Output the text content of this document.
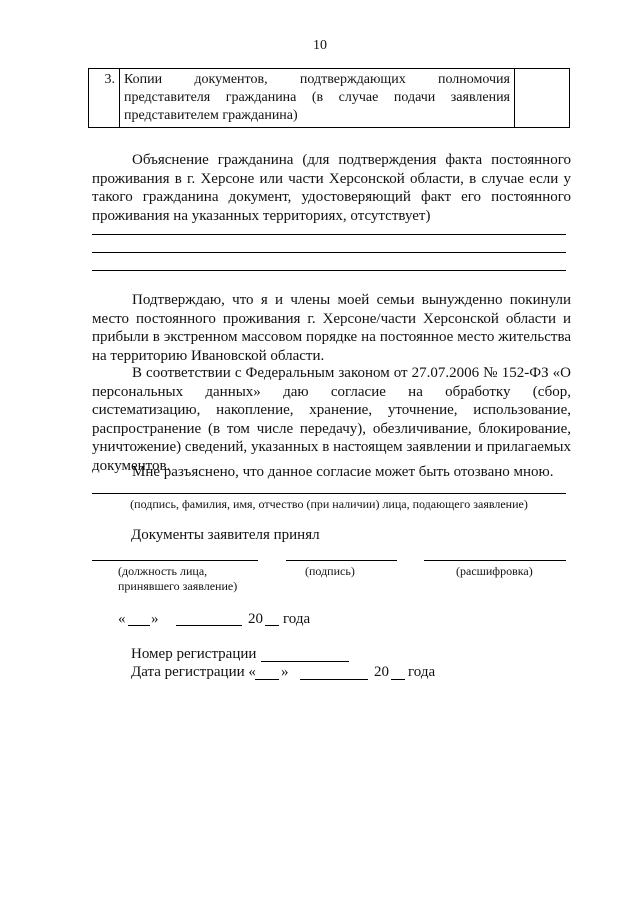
10
3.	Копии документов, подтверждающих полномочия представителя гражданина (в случае подачи заявления представителем гражданина)	
Объяснение гражданина (для подтверждения факта постоянного проживания в г. Херсоне или части Херсонской области, в случае если у такого гражданина документ, удостоверяющий факт его постоянного проживания на указанных территориях, отсутствует)
Подтверждаю, что я и члены моей семьи вынужденно покинули место постоянного проживания г. Херсоне/части Херсонской области и прибыли в экстренном массовом порядке на постоянное место жительства на территорию Ивановской области.
В соответствии с Федеральным законом от 27.07.2006 № 152-ФЗ «О персональных данных» даю согласие на обработку (сбор, систематизацию, накопление, хранение, уточнение, использование, распространение (в том числе передачу), обезличивание, блокирование, уничтожение) сведений, указанных в настоящем заявлении и прилагаемых документов.
Мне разъяснено, что данное согласие может быть отозвано мною.
(подпись, фамилия, имя, отчество (при наличии) лица, подающего заявление)
Документы заявителя принял
(должность лица,
принявшего заявление)
(подпись)	(расшифровка)
« »	20 года
Номер регистрации
Дата регистрации « »	20 года
